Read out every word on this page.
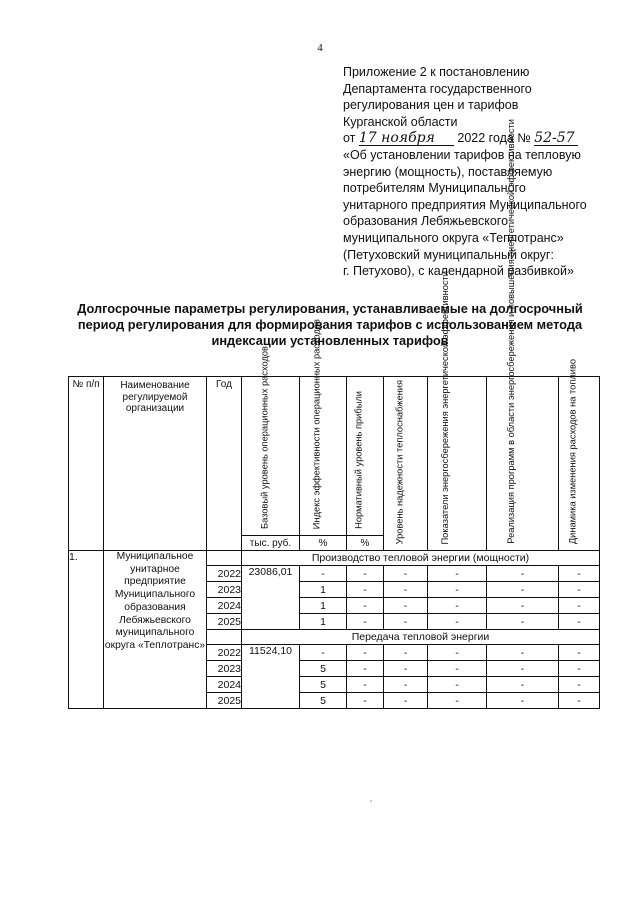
4
Приложение 2 к постановлению
Департамента государственного
регулирования цен и тарифов
Курганской области
от 17 ноября 2022 года № 52-57
«Об установлении тарифов на тепловую
энергию (мощность), поставляемую
потребителям Муниципального
унитарного предприятия Муниципального
образования Лебяжьевского
муниципального округа «Теплотранс»
(Петуховский муниципальный округ:
г. Петухово), с календарной разбивкой»
Долгосрочные параметры регулирования, устанавливаемые на долгосрочный
период регулирования для формирования тарифов с использованием метода
индексации установленных тарифов
№ п/п	Наименование регулируемой организации	Год	Базовый уровень операционных расходов	Индекс эффективности операционных расходов	Нормативный уровень прибыли	Уровень надежности теплоснабжения	Показатели энергосбережения энергетической эффективности	Реализация программ в области энергосбережения и повышения энергетической эффективности	Динамика изменения расходов на топливо

			тыс. руб.	%	%				
1.	Муниципальное унитарное предприятие Муниципального образования Лебяжьевского муниципального округа «Теплотранс»		Производство тепловой энергии (мощности)						
		2022	23086,01	-	-	-	-	-	-
		2023		1	-	-	-	-	-
		2024		1	-	-	-	-	-
		2025		1	-	-	-	-	-
			Передача тепловой энергии						
		2022	11524,10	-	-	-	-	-	-
		2023		5	-	-	-	-	-
		2024		5	-	-	-	-	-
		2025		5	-	-	-	-	-
